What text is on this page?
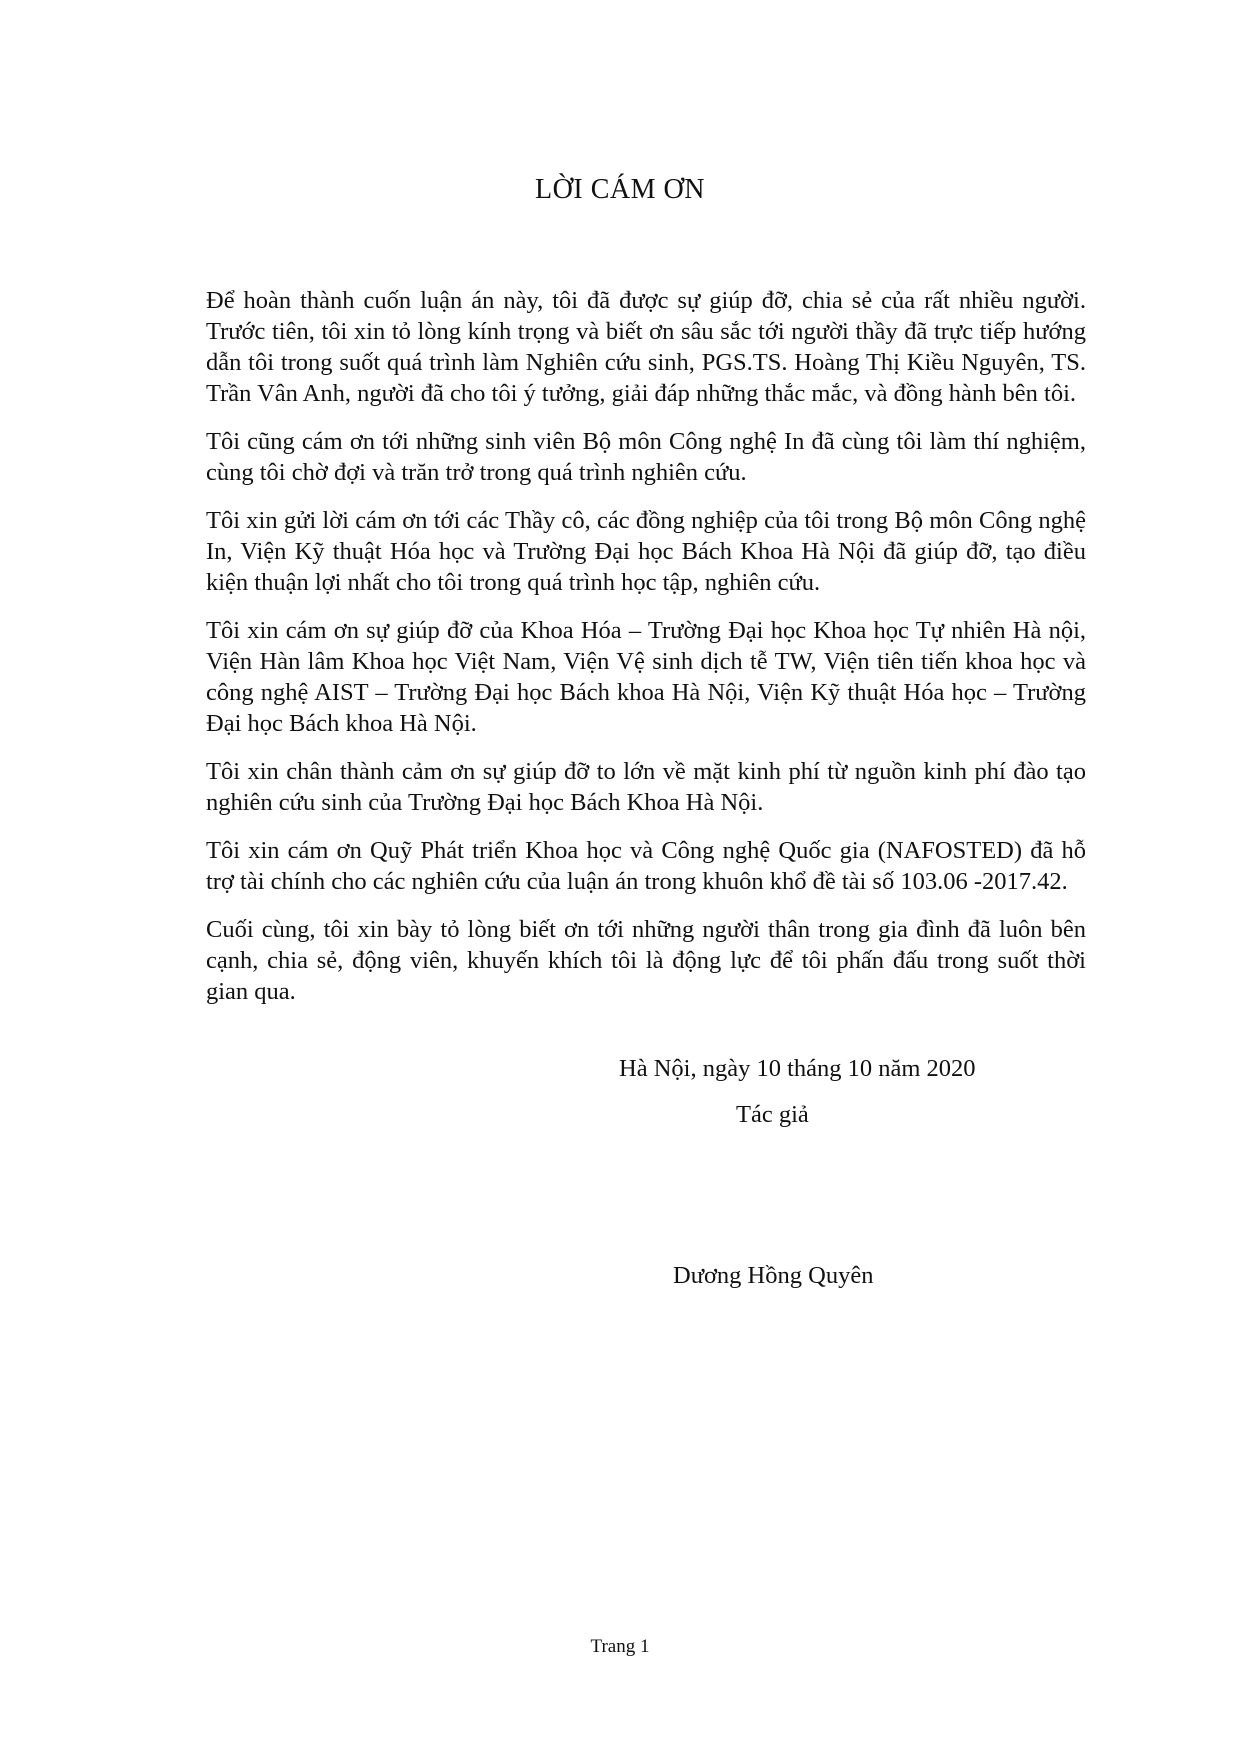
LỜI CÁM ƠN

Để hoàn thành cuốn luận án này, tôi đã được sự giúp đỡ, chia sẻ của rất nhiều người. Trước tiên, tôi xin tỏ lòng kính trọng và biết ơn sâu sắc tới người thầy đã trực tiếp hướng dẫn tôi trong suốt quá trình làm Nghiên cứu sinh, PGS.TS. Hoàng Thị Kiều Nguyên, TS. Trần Vân Anh, người đã cho tôi ý tưởng, giải đáp những thắc mắc, và đồng hành bên tôi.

Tôi cũng cám ơn tới những sinh viên Bộ môn Công nghệ In đã cùng tôi làm thí nghiệm, cùng tôi chờ đợi và trăn trở trong quá trình nghiên cứu.

Tôi xin gửi lời cám ơn tới các Thầy cô, các đồng nghiệp của tôi trong Bộ môn Công nghệ In, Viện Kỹ thuật Hóa học và Trường Đại học Bách Khoa Hà Nội đã giúp đỡ, tạo điều kiện thuận lợi nhất cho tôi trong quá trình học tập, nghiên cứu.

Tôi xin cám ơn sự giúp đỡ của Khoa Hóa – Trường Đại học Khoa học Tự nhiên Hà nội, Viện Hàn lâm Khoa học Việt Nam, Viện Vệ sinh dịch tễ TW, Viện tiên tiến khoa học và công nghệ AIST – Trường Đại học Bách khoa Hà Nội, Viện Kỹ thuật Hóa học – Trường Đại học Bách khoa Hà Nội.

Tôi xin chân thành cảm ơn sự giúp đỡ to lớn về mặt kinh phí từ nguồn kinh phí đào tạo nghiên cứu sinh của Trường Đại học Bách Khoa Hà Nội.

Tôi xin cám ơn Quỹ Phát triển Khoa học và Công nghệ Quốc gia (NAFOSTED) đã hỗ trợ tài chính cho các nghiên cứu của luận án trong khuôn khổ đề tài số 103.06 -2017.42.

Cuối cùng, tôi xin bày tỏ lòng biết ơn tới những người thân trong gia đình đã luôn bên cạnh, chia sẻ, động viên, khuyến khích tôi là động lực để tôi phấn đấu trong suốt thời gian qua.

Hà Nội, ngày 10 tháng 10 năm 2020
Tác giả
Dương Hồng Quyên
Trang 1
